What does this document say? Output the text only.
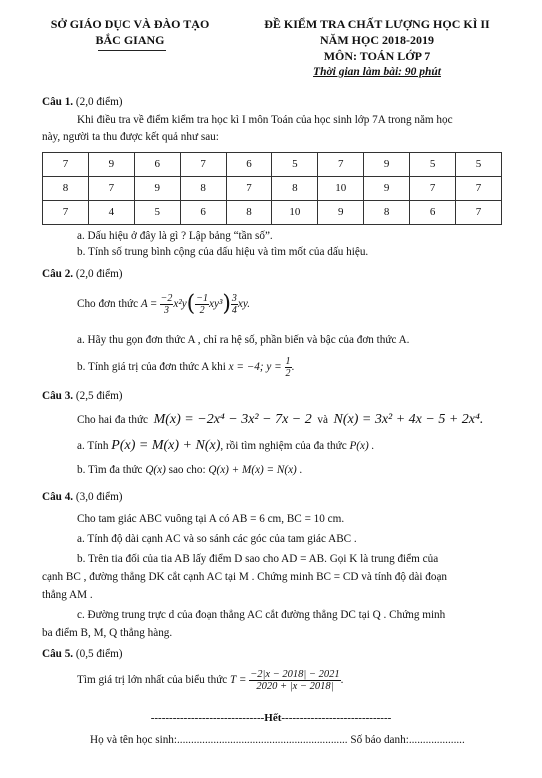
SỞ GIÁO DỤC VÀ ĐÀO TẠO
BẮC GIANG
ĐỀ KIỂM TRA CHẤT LƯỢNG HỌC KÌ II
NĂM HỌC 2018-2019
MÔN: TOÁN LỚP 7
Thời gian làm bài: 90 phút
Câu 1. (2,0 điểm)
Khi điều tra về điểm kiểm tra học kì I môn Toán của học sinh lớp 7A trong năm học
này, người ta thu được kết quả như sau:
7	9	6	7	6	5	7	9	5	5
8	7	9	8	7	8	10	9	7	7
7	4	5	6	8	10	9	8	6	7
a. Dấu hiệu ở đây là gì ? Lập bảng “tần số”.
b. Tính số trung bình cộng của dấu hiệu và tìm mốt của dấu hiệu.
Câu 2. (2,0 điểm)
Cho đơn thức $A = \frac{-2}{3} x^2y( \frac{-1}{2} xy^3) \frac{3}{4}$ xy.
a. Hãy thu gọn đơn thức A , chỉ ra hệ số, phần biến và bậc của đơn thức A.
b. Tính giá trị của đơn thức A khi x = −4; $y = \frac{1}{2}$ .
Câu 3. (2,5 điểm)
Cho hai đa thức M(x) = −2x⁴ − 3x² − 7x − 2 và N(x) = 3x² + 4x − 5 + 2x⁴.
a. Tính P(x) = M(x) + N(x), rồi tìm nghiệm của đa thức P(x) .
b. Tìm đa thức Q(x) sao cho: Q(x) + M(x) = N(x) .
Câu 4. (3,0 điểm)
Cho tam giác ABC vuông tại A có AB = 6 cm, BC = 10 cm.
a. Tính độ dài cạnh AC và so sánh các góc của tam giác ABC .
b. Trên tia đối của tia AB lấy điểm D sao cho AD = AB. Gọi K là trung điểm của
cạnh BC , đường thẳng DK cắt cạnh AC tại M . Chứng minh BC = CD và tính độ dài đoạn
thẳng AM .
c. Đường trung trực d của đoạn thẳng AC cắt đường thẳng DC tại Q . Chứng minh
ba điểm B, M, Q thẳng hàng.
Câu 5. (0,5 điểm)
Tìm giá trị lớn nhất của biểu thức $T = \frac{-2|x - 2018| - 2021}{2020 + |x - 2018|}$ .
-------------------------------Hết------------------------------
Họ và tên học sinh:............................................................. Số báo danh:....................
